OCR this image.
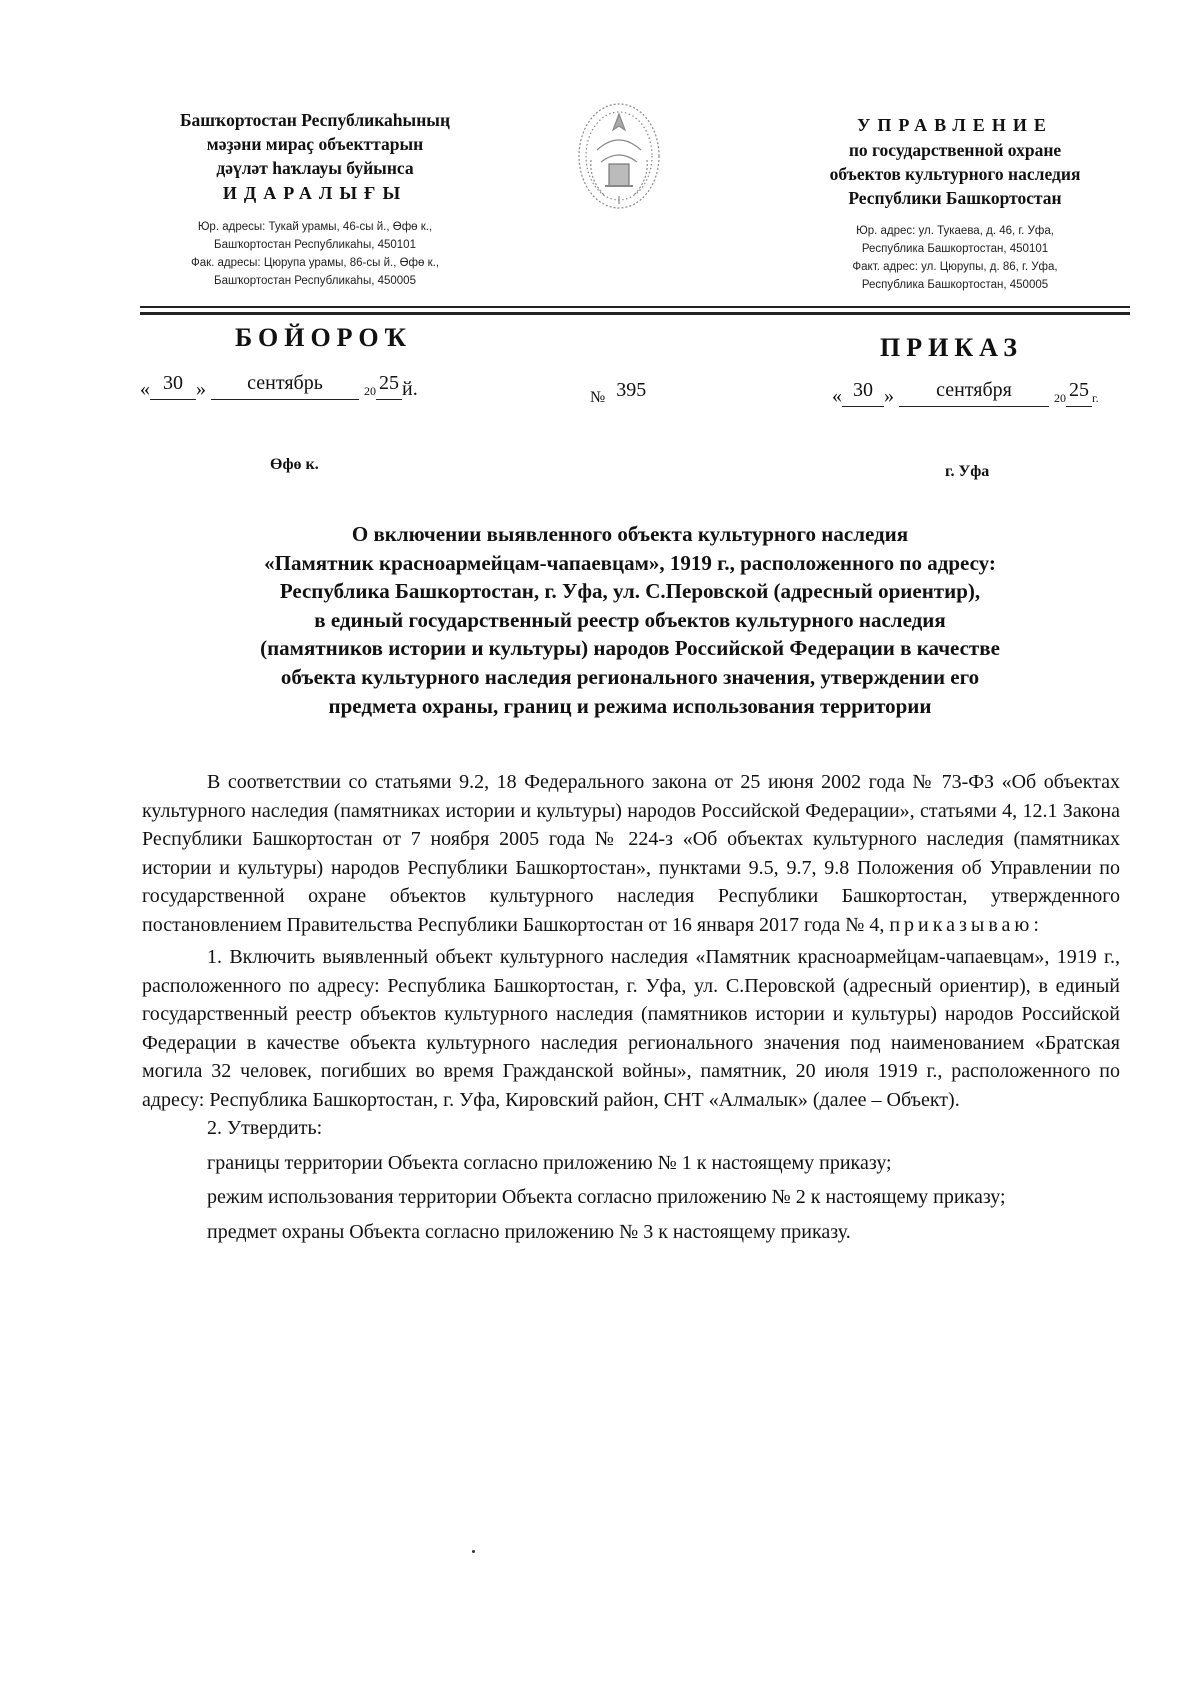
Башҡортостан Республикаһының
мәҙәни мираҫ объекттарын
дәүләт һаҡлауы буйынса
ИДАРАЛЫҒЫ
Юр. адресы: Тукай урамы, 46-сы й., Өфө к.,
Башҡортостан Республикаһы, 450101
Фак. адресы: Цюрупа урамы, 86-сы й., Өфө к.,
Башҡортостан Республикаһы, 450005
УПРАВЛЕНИЕ
по государственной охране
объектов культурного наследия
Республики Башкортостан
Юр. адрес: ул. Тукаева, д. 46, г. Уфа,
Республика Башкортостан, 450101
Факт. адрес: ул. Цюрупы, д. 86, г. Уфа,
Республика Башкортостан, 450005
БОЙОРОҠ	ПРИКАЗ
« 30 » сентябрь	20 25 й.	№ 395	« 30 » сентября	20 25 г.
Өфө к.	г. Уфа
О включении выявленного объекта культурного наследия
«Памятник красноармейцам-чапаевцам», 1919 г., расположенного по адресу:
Республика Башкортостан, г. Уфа, ул. С.Перовской (адресный ориентир),
в единый государственный реестр объектов культурного наследия
(памятников истории и культуры) народов Российской Федерации в качестве
объекта культурного наследия регионального значения, утверждении его
предмета охраны, границ и режима использования территории

В соответствии со статьями 9.2, 18 Федерального закона от 25 июня 2002 года № 73-ФЗ «Об объектах культурного наследия (памятниках истории и культуры) народов Российской Федерации», статьями 4, 12.1 Закона Республики Башкортостан от 7 ноября 2005 года № 224-з «Об объектах культурного наследия (памятниках истории и культуры) народов Республики Башкортостан», пунктами 9.5, 9.7, 9.8 Положения об Управлении по государственной охране объектов культурного наследия Республики Башкортостан, утвержденного постановлением Правительства Республики Башкортостан от 16 января 2017 года № 4, приказываю:

1. Включить выявленный объект культурного наследия «Памятник красноармейцам-чапаевцам», 1919 г., расположенного по адресу: Республика Башкортостан, г. Уфа, ул. С.Перовской (адресный ориентир), в единый государственный реестр объектов культурного наследия (памятников истории и культуры) народов Российской Федерации в качестве объекта культурного наследия регионального значения под наименованием «Братская могила 32 человек, погибших во время Гражданской войны», памятник, 20 июля 1919 г., расположенного по адресу: Республика Башкортостан, г. Уфа, Кировский район, СНТ «Алмалык» (далее – Объект).

2. Утвердить:

границы территории Объекта согласно приложению № 1 к настоящему приказу;

режим использования территории Объекта согласно приложению № 2 к настоящему приказу;

предмет охраны Объекта согласно приложению № 3 к настоящему приказу.
